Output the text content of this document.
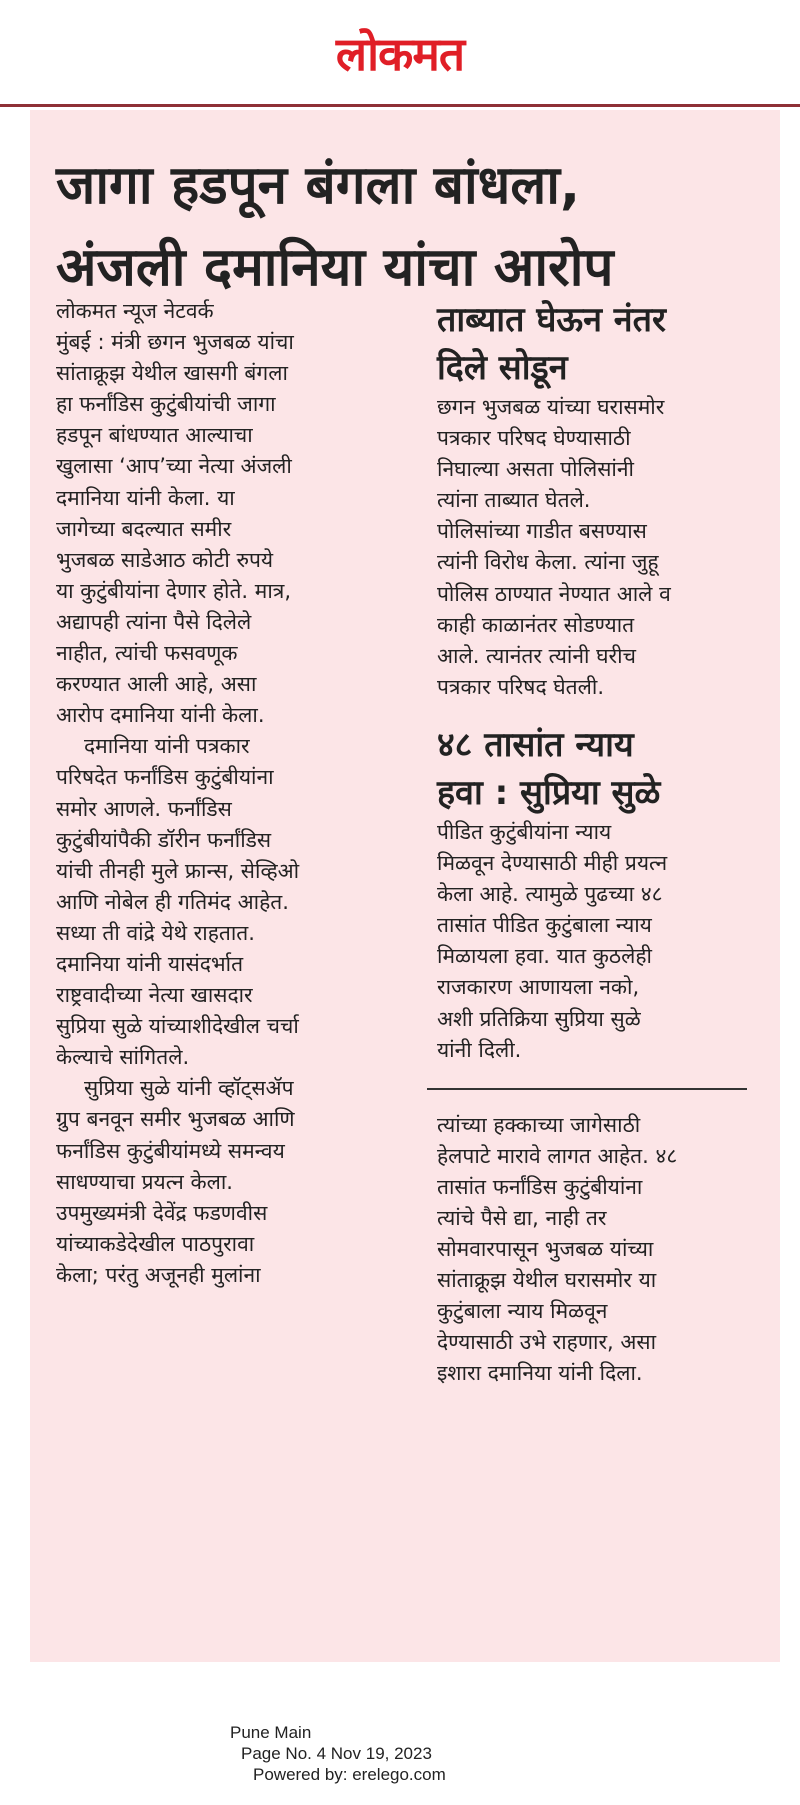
लोकमत
जागा हडपून बंगला बांधला,
अंजली दमानिया यांचा आरोप
लोकमत न्यूज नेटवर्क
मुंबई : मंत्री छगन भुजबळ यांचा
सांताक्रूझ येथील खासगी बंगला
हा फर्नांडिस कुटुंबीयांची जागा
हडपून बांधण्यात आल्याचा
खुलासा ‘आप’च्या नेत्या अंजली
दमानिया यांनी केला. या
जागेच्या बदल्यात समीर
भुजबळ साडेआठ कोटी रुपये
या कुटुंबीयांना देणार होते. मात्र,
अद्यापही त्यांना पैसे दिलेले
नाहीत, त्यांची फसवणूक
करण्यात आली आहे, असा
आरोप दमानिया यांनी केला.
दमानिया यांनी पत्रकार
परिषदेत फर्नांडिस कुटुंबीयांना
समोर आणले. फर्नांडिस
कुटुंबीयांपैकी डॉरीन फर्नांडिस
यांची तीनही मुले फ्रान्स, सेव्हिओ
आणि नोबेल ही गतिमंद आहेत.
सध्या ती वांद्रे येथे राहतात.
दमानिया यांनी यासंदर्भात
राष्ट्रवादीच्या नेत्या खासदार
सुप्रिया सुळे यांच्याशीदेखील चर्चा
केल्याचे सांगितले.
सुप्रिया सुळे यांनी व्हॉट्सॲप
ग्रुप बनवून समीर भुजबळ आणि
फर्नांडिस कुटुंबीयांमध्ये समन्वय
साधण्याचा प्रयत्न केला.
उपमुख्यमंत्री देवेंद्र फडणवीस
यांच्याकडेदेखील पाठपुरावा
केला; परंतु अजूनही मुलांना
ताब्यात घेऊन नंतर
दिले सोडून
छगन भुजबळ यांच्या घरासमोर
पत्रकार परिषद घेण्यासाठी
निघाल्या असता पोलिसांनी
त्यांना ताब्यात घेतले.
पोलिसांच्या गाडीत बसण्यास
त्यांनी विरोध केला. त्यांना जुहू
पोलिस ठाण्यात नेण्यात आले व
काही काळानंतर सोडण्यात
आले. त्यानंतर त्यांनी घरीच
पत्रकार परिषद घेतली.
४८ तासांत न्याय
हवा : सुप्रिया सुळे
पीडित कुटुंबीयांना न्याय
मिळवून देण्यासाठी मीही प्रयत्न
केला आहे. त्यामुळे पुढच्या ४८
तासांत पीडित कुटुंबाला न्याय
मिळायला हवा. यात कुठलेही
राजकारण आणायला नको,
अशी प्रतिक्रिया सुप्रिया सुळे
यांनी दिली.
त्यांच्या हक्काच्या जागेसाठी
हेलपाटे मारावे लागत आहेत. ४८
तासांत फर्नांडिस कुटुंबीयांना
त्यांचे पैसे द्या, नाही तर
सोमवारपासून भुजबळ यांच्या
सांताक्रूझ येथील घरासमोर या
कुटुंबाला न्याय मिळवून
देण्यासाठी उभे राहणार, असा
इशारा दमानिया यांनी दिला.
Pune Main
Page No. 4 Nov 19, 2023
Powered by: erelego.com
